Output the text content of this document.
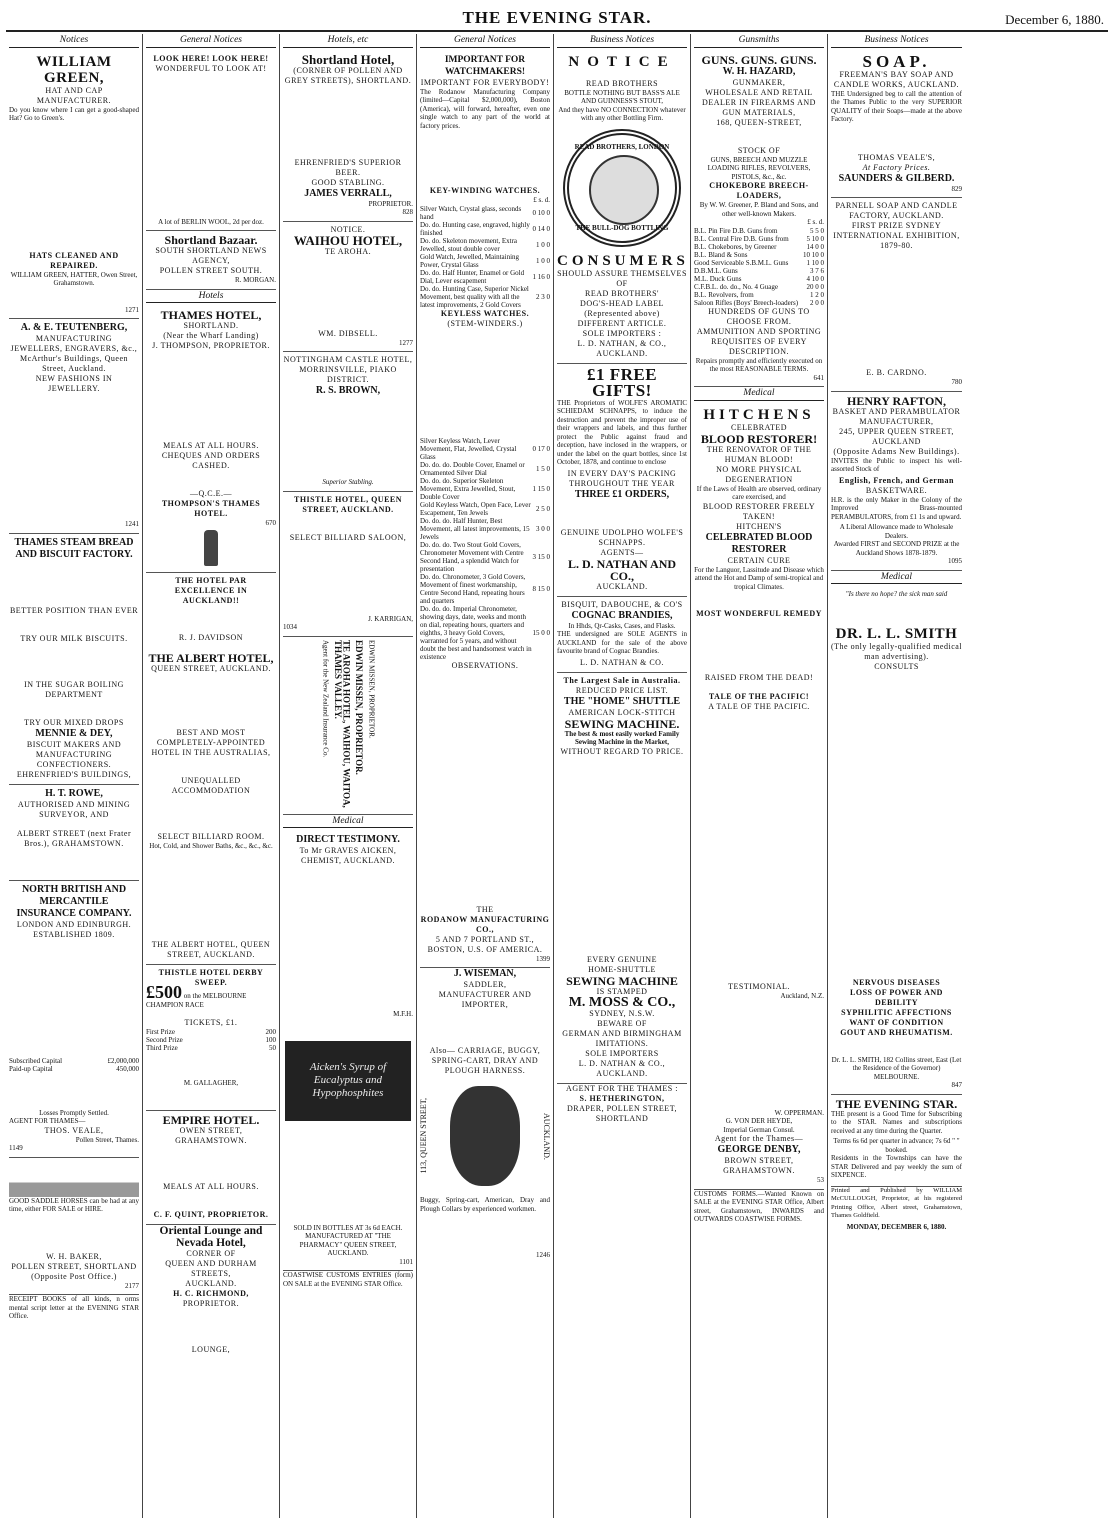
THE EVENING STAR.	December 6, 1880.
Notices
WILLIAM GREEN,
HAT AND CAP MANUFACTURER.

Do you know where I can get a good-shaped Hat? Go to Green's.

HATS CLEANED AND REPAIRED.
WILLIAM GREEN, HATTER, Owen Street, Grahamstown.
1271
A. & E. TEUTENBERG,
MANUFACTURING JEWELLERS, ENGRAVERS, &c.,
McArthur's Buildings, Queen Street, Auckland.
NEW FASHIONS IN JEWELLERY.
1241
THAMES STEAM BREAD AND BISCUIT FACTORY.
BETTER POSITION THAN EVER
TRY OUR MILK BISCUITS.
IN THE SUGAR BOILING DEPARTMENT
TRY OUR MIXED DROPS
MENNIE & DEY,
BISCUIT MAKERS AND MANUFACTURING CONFECTIONERS.
EHRENFRIED'S BUILDINGS,
H. T. ROWE,
AUTHORISED AND MINING SURVEYOR, AND
ALBERT STREET (next Frater Bros.), GRAHAMSTOWN.
NORTH BRITISH AND MERCANTILE INSURANCE COMPANY.
LONDON AND EDINBURGH.
ESTABLISHED 1809.
Subscribed Capital	£2,000,000
Paid-up Capital	450,000
Losses Promptly Settled.
AGENT FOR THAMES—
THOS. VEALE,
Pollen Street, Thames.
1149

GOOD SADDLE HORSES can be had at any time, either FOR SALE or HIRE.

W. H. BAKER,
POLLEN STREET, SHORTLAND (Opposite Post Office.)
2177

RECEIPT BOOKS of all kinds, n orms mental script letter at the EVENING STAR Office.

General Notices
LOOK HERE! LOOK HERE!
WONDERFUL TO LOOK AT!
A lot of BERLIN WOOL, 2d per doz.
Shortland Bazaar.
SOUTH SHORTLAND NEWS AGENCY,
POLLEN STREET SOUTH.
R. MORGAN.
Hotels
THAMES HOTEL,
SHORTLAND.
(Near the Wharf Landing)
J. THOMPSON, PROPRIETOR.
MEALS AT ALL HOURS.
CHEQUES AND ORDERS CASHED.
—Q.C.E.—
THOMPSON'S THAMES HOTEL.
670
THE HOTEL PAR EXCELLENCE IN AUCKLAND!!
R. J. DAVIDSON
THE ALBERT HOTEL,
QUEEN STREET, AUCKLAND.
BEST AND MOST COMPLETELY-APPOINTED HOTEL IN THE AUSTRALIAS,
UNEQUALLED ACCOMMODATION
SELECT BILLIARD ROOM.
Hot, Cold, and Shower Baths, &c., &c., &c.
THE ALBERT HOTEL, QUEEN STREET, AUCKLAND.
THISTLE HOTEL DERBY SWEEP.
£500 on the MELBOURNE CHAMPION RACE
TICKETS, £1.
First Prize	200
Second Prize	100
Third Prize	50
M. GALLAGHER,
EMPIRE HOTEL.
OWEN STREET, GRAHAMSTOWN.
MEALS AT ALL HOURS.
C. F. QUINT, PROPRIETOR.
Oriental Lounge and Nevada Hotel,
CORNER OF
QUEEN AND DURHAM STREETS,
AUCKLAND.
H. C. RICHMOND,
PROPRIETOR.
LOUNGE,
Hotels, etc
Shortland Hotel,
(CORNER OF POLLEN AND GREY STREETS), SHORTLAND.
EHRENFRIED'S SUPERIOR BEER.
GOOD STABLING.
JAMES VERRALL,
PROPRIETOR.
828
NOTICE.
WAIHOU HOTEL,
TE AROHA.
WM. DIBSELL.
1277
NOTTINGHAM CASTLE HOTEL, MORRINSVILLE, PIAKO DISTRICT.
R. S. BROWN,
Superior Stabling.
THISTLE HOTEL, QUEEN STREET, AUCKLAND.
SELECT BILLIARD SALOON,
J. KARRIGAN,
1034
Agent for the New Zealand Insurance Co.	TE AROHA HOTEL, WAIHOU, WAITOA, THAMES VALLEY.	EDWIN MISSEN, PROPRIETOR. EDWIN MISSEN, PROPRIETOR.
Medical
DIRECT TESTIMONY.
To Mr GRAVES AICKEN, CHEMIST, AUCKLAND.
M.F.H.
Aicken's Syrup of Eucalyptus and Hypophosphites
SOLD IN BOTTLES AT 3s 6d EACH.
MANUFACTURED AT "THE PHARMACY" QUEEN STREET, AUCKLAND.
1101

COASTWISE CUSTOMS ENTRIES (form) ON SALE at the EVENING STAR Office.

General Notices
IMPORTANT FOR WATCHMAKERS!
IMPORTANT FOR EVERYBODY!

The Rodanow Manufacturing Company (limited—Capital $2,000,000), Boston (America), will forward, hereafter, even one single watch to any part of the world at factory prices.

KEY-WINDING WATCHES.
£ s. d.
Silver Watch, Crystal glass, seconds hand	0 10 0
Do. do. Hunting case, engraved, highly finished	0 14 0
Do. do. Skeleton movement, Extra Jewelled, stout double cover	1 0 0
Gold Watch, Jewelled, Maintaining Power, Crystal Glass	1 0 0
Do. do. Half Hunter, Enamel or Gold Dial, Lever escapement	1 16 0
Do. do. Hunting Case, Superior Nickel Movement, best quality with all the latest improvements, 2 Gold Covers	2 3 0
KEYLESS WATCHES.
(STEM-WINDERS.)
Silver Keyless Watch, Lever Movement, Flat, Jewelled, Crystal Glass	0 17 0
Do. do. do. Double Cover, Enamel or Ornamented Silver Dial	1 5 0
Do. do. do. Superior Skeleton Movement, Extra Jewelled, Stout, Double Cover	1 15 0
Gold Keyless Watch, Open Face, Lever Escapement, Ten Jewels	2 5 0
Do. do. do. Half Hunter, Best Movement, all latest improvements, 15 Jewels	3 0 0
Do. do. do. Two Stout Gold Covers, Chronometer Movement with Centre Second Hand, a splendid Watch for presentation	3 15 0
Do. do. Chronometer, 3 Gold Covers, Movement of finest workmanship, Centre Second Hand, repeating hours and quarters	8 15 0
Do. do. do. Imperial Chronometer, showing days, date, weeks and month on dial, repeating hours, quarters and eighths, 3 heavy Gold Covers, warranted for 5 years, and without doubt the best and handsomest watch in existence	15 0 0
OBSERVATIONS.
THE
RODANOW MANUFACTURING CO.,
5 AND 7 PORTLAND ST.,
BOSTON, U.S. OF AMERICA.
1399
J. WISEMAN,
SADDLER,
MANUFACTURER AND IMPORTER,
Also— CARRIAGE, BUGGY, SPRING-CART, DRAY AND PLOUGH HARNESS.
113, QUEEN STREET,	AUCKLAND.

Buggy, Spring-cart, American, Dray and Plough Collars by experienced workmen.

1246
Business Notices
NOTICE
READ BROTHERS
BOTTLE NOTHING BUT BASS'S ALE AND GUINNESS'S STOUT,
And they have NO CONNECTION whatever with any other Bottling Firm.
READ BROTHERS, LONDON
THE BULL-DOG BOTTLING
CONSUMERS
SHOULD ASSURE THEMSELVES OF
READ BROTHERS'
DOG'S-HEAD LABEL
(Represented above)
DIFFERENT ARTICLE.
SOLE IMPORTERS :
L. D. NATHAN, & CO.,
AUCKLAND.
£1 FREE GIFTS!

THE Proprietors of WOLFE'S AROMATIC SCHIEDAM SCHNAPPS, to induce the destruction and prevent the improper use of their wrappers and labels, and thus further protect the Public against fraud and deception, have inclosed in the wrappers, or under the label on the quart bottles, since 1st October, 1878, and continue to enclose

IN EVERY DAY'S PACKING
THROUGHOUT THE YEAR
THREE £1 ORDERS,
GENUINE UDOLPHO WOLFE'S SCHNAPPS.
AGENTS—
L. D. NATHAN AND CO.,
AUCKLAND.
BISQUIT, DABOUCHE, & CO'S
COGNAC BRANDIES,
In Hhds, Qr-Casks, Cases, and Flasks.

THE undersigned are SOLE AGENTS in AUCKLAND for the sale of the above favourite brand of Cognac Brandies.

L. D. NATHAN & CO.
The Largest Sale in Australia.
REDUCED PRICE LIST.
THE "HOME" SHUTTLE
AMERICAN LOCK-STITCH
SEWING MACHINE.
The best & most easily worked Family Sewing Machine in the Market,
WITHOUT REGARD TO PRICE.
EVERY GENUINE
HOME-SHUTTLE
SEWING MACHINE
IS STAMPED
M. MOSS & CO.,
SYDNEY, N.S.W.
BEWARE OF
GERMAN AND BIRMINGHAM IMITATIONS.
SOLE IMPORTERS
L. D. NATHAN & CO.,
AUCKLAND.
AGENT FOR THE THAMES :
S. HETHERINGTON,
DRAPER, POLLEN STREET, SHORTLAND
Gunsmiths
GUNS. GUNS. GUNS.
W. H. HAZARD,
GUNMAKER,
WHOLESALE AND RETAIL DEALER IN FIREARMS AND GUN MATERIALS,
168, QUEEN-STREET,
STOCK OF
GUNS, BREECH AND MUZZLE LOADING RIFLES, REVOLVERS, PISTOLS, &c., &c.
CHOKEBORE BREECH-LOADERS,
By W. W. Greener, P. Bland and Sons, and other well-known Makers.
£ s. d.
B.L. Pin Fire D.B. Guns from	5 5 0
B.L. Central Fire D.B. Guns from	5 10 0
B.L. Chokebores, by Greener	14 0 0
B.L. Bland & Sons	10 10 0
Good Serviceable S.B.M.L. Guns	1 10 0
D.B.M.L. Guns	3 7 6
M.L. Duck Guns	4 10 0
C.F.B.L. do. do., No. 4 Guage	20 0 0
B.L. Revolvers, from	1 2 0
Saloon Rifles (Boys' Breech-loaders)	2 0 0
HUNDREDS OF GUNS TO CHOOSE FROM.
AMMUNITION AND SPORTING REQUISITES OF EVERY DESCRIPTION.
Repairs promptly and efficiently executed on the most REASONABLE TERMS.
641
Medical
HITCHENS
CELEBRATED
BLOOD RESTORER!
THE RENOVATOR OF THE HUMAN BLOOD!
NO MORE PHYSICAL DEGENERATION
If the Laws of Health are observed, ordinary care exercised, and
BLOOD RESTORER FREELY TAKEN!
HITCHEN'S
CELEBRATED BLOOD RESTORER
CERTAIN CURE
For the Languor, Lassitude and Disease which attend the Hot and Damp of semi-tropical and tropical Climates.
MOST WONDERFUL REMEDY
RAISED FROM THE DEAD!
TALE OF THE PACIFIC!
A TALE OF THE PACIFIC.
TESTIMONIAL.
Auckland, N.Z.
W. OPPERMAN.
G. VON DER HEYDE,
Imperial German Consul.
Agent for the Thames—
GEORGE DENBY,
BROWN STREET,
GRAHAMSTOWN.
53

CUSTOMS FORMS.—Wanted Known on SALE at the EVENING STAR Office, Albert street, Grahamstown, INWARDS and OUTWARDS COASTWISE FORMS.

Business Notices
SOAP.
FREEMAN'S BAY SOAP AND CANDLE WORKS, AUCKLAND.

THE Undersigned beg to call the attention of the Thames Public to the very SUPERIOR QUALITY of their Soaps—made at the above Factory.

THOMAS VEALE'S,
At Factory Prices.
SAUNDERS & GILBERD.
829
PARNELL SOAP AND CANDLE FACTORY, AUCKLAND.
FIRST PRIZE SYDNEY INTERNATIONAL EXHIBITION, 1879-80.
E. B. CARDNO.
780
HENRY RAFTON,
BASKET AND PERAMBULATOR MANUFACTURER,
245, UPPER QUEEN STREET, AUCKLAND
(Opposite Adams New Buildings).

INVITES the Public to inspect his well-assorted Stock of

English, French, and German
BASKETWARE.

H.R. is the only Maker in the Colony of the Improved Brass-mounted PERAMBULATORS, from £1 1s and upward.

A Liberal Allowance made to Wholesale Dealers.
Awarded FIRST and SECOND PRIZE at the Auckland Shows 1878-1879.
1095
Medical
"Is there no hope? the sick man said
DR. L. L. SMITH
(The only legally-qualified medical man advertising).
CONSULTS
NERVOUS DISEASES
LOSS OF POWER AND DEBILITY
SYPHILITIC AFFECTIONS
WANT OF CONDITION
GOUT AND RHEUMATISM.
Dr. L. L. SMITH, 182 Collins street, East (Let the Residence of the Governor)
MELBOURNE.
847
THE EVENING STAR.

THE present is a Good Time for Subscribing to the STAR. Names and subscriptions received at any time during the Quarter.

Terms 6s 6d per quarter in advance; 7s 6d " " booked.

Residents in the Townships can have the STAR Delivered and pay weekly the sum of SIXPENCE.

Printed and Published by WILLIAM McCULLOUGH, Proprietor, at his registered Printing Office, Albert street, Grahamstown, Thames Goldfield.

MONDAY, DECEMBER 6, 1880.
